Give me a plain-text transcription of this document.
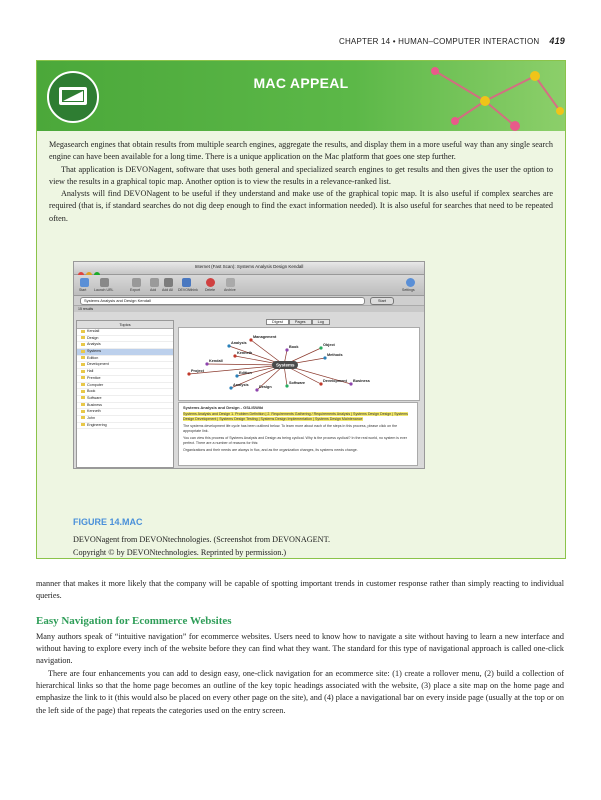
CHAPTER 14 • HUMAN–COMPUTER INTERACTION 419
MAC APPEAL

Megasearch engines that obtain results from multiple search engines, aggregate the results, and display them in a more useful way than any single search engine can have been available for a long time. There is a unique application on the Mac platform that goes one step further.

That application is DEVONagent, software that uses both general and specialized search engines to get results and then gives the user the option to view the results in a graphical topic map. Another option is to view the results in a relevance-ranked list.

Analysts will find DEVONagent to be useful if they understand and make use of the graphical topic map. It is also useful if complex searches are required (that is, if standard searches do not dig deep enough to find the exact information needed). It is also useful for searches that need to be repeated often.

Internet (Fast Scan): Systems Analysis Design Kendall
Start Launch URL	Export	Add Add All DEVONthink Delete	Archive	Settings
Systems Analysis and Design Kendall	Start
15 results
Topics
Kendall
Design
Analysis
Systems
Edition
Development
Hall
Prentice
Computer
Book
Software
Business
Kenneth
John
Engineering
Digest	Pages	Log
Management
Analysis
Book	Object
Kenneth	Methods
Kendall
Systems
Project	Edition
Business
Software	Development
Analysis	Design
Systems Analysis and Design - GSLISWiki

Systems Analysis and Design 1. Problem Definition | 2. Requirements Gathering / Requirements Analysis | Systems Design Design | Systems Design Development | Systems Design Testing | Systems Design Implementation | Systems Design Maintenance

The systems development life cycle has been outlined below. To learn more about each of the steps in this process, please click on the appropriate link.

You can view this process of Systems Analysis and Design as being cyclical. Why is the process cyclical? In the real world, no system is ever perfect. There are a number of reasons for this:

Organizations and their needs are always in flux, and as the organization changes, its systems needs change.

FIGURE 14.MAC
DEVONagent from DEVONtechnologies. (Screenshot from DEVONAGENT.
Copyright © by DEVONtechnologies. Reprinted by permission.)

manner that makes it more likely that the company will be capable of spotting important trends in customer response rather than simply reacting to individual queries.

Easy Navigation for Ecommerce Websites

Many authors speak of “intuitive navigation” for ecommerce websites. Users need to know how to navigate a site without having to learn a new interface and without having to explore every inch of the website before they can find what they want. The standard for this type of navigational approach is called one-click navigation.

There are four enhancements you can add to design easy, one-click navigation for an ecommerce site: (1) create a rollover menu, (2) build a collection of hierarchical links so that the home page becomes an outline of the key topic headings associated with the website, (3) place a site map on the home page and emphasize the link to it (this would also be placed on every other page on the site), and (4) place a navigational bar on every inside page (usually at the top or on the left side of the page) that repeats the categories used on the entry screen.
